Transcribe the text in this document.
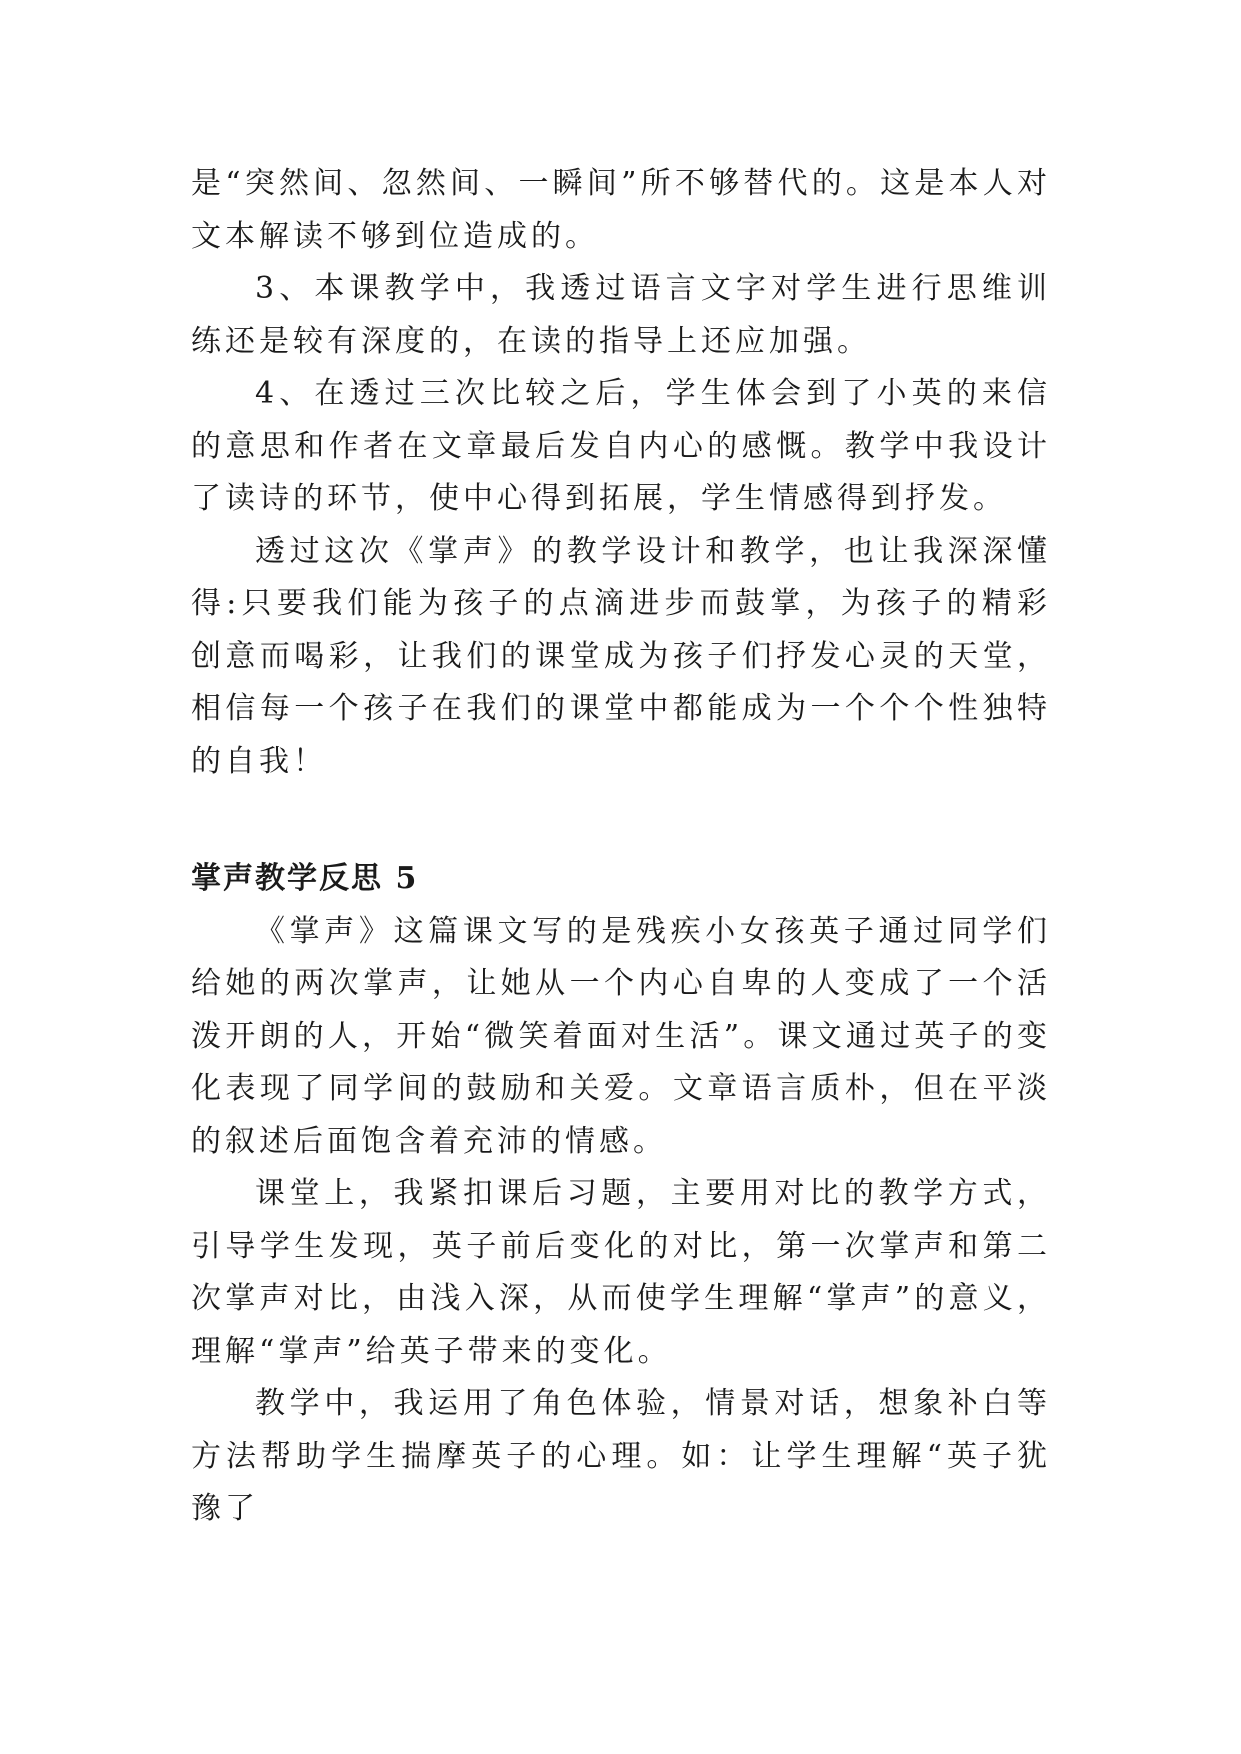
是“突然间、忽然间、一瞬间”所不够替代的。这是本人对文本解读不够到位造成的。

3、本课教学中，我透过语言文字对学生进行思维训练还是较有深度的，在读的指导上还应加强。

4、在透过三次比较之后，学生体会到了小英的来信的意思和作者在文章最后发自内心的感慨。教学中我设计了读诗的环节，使中心得到拓展，学生情感得到抒发。

透过这次《掌声》的教学设计和教学，也让我深深懂得:只要我们能为孩子的点滴进步而鼓掌，为孩子的精彩创意而喝彩，让我们的课堂成为孩子们抒发心灵的天堂，相信每一个孩子在我们的课堂中都能成为一个个个性独特的自我！

掌声教学反思 5

《掌声》这篇课文写的是残疾小女孩英子通过同学们给她的两次掌声，让她从一个内心自卑的人变成了一个活泼开朗的人，开始“微笑着面对生活”。课文通过英子的变化表现了同学间的鼓励和关爱。文章语言质朴，但在平淡的叙述后面饱含着充沛的情感。

课堂上，我紧扣课后习题，主要用对比的教学方式，引导学生发现，英子前后变化的对比，第一次掌声和第二次掌声对比，由浅入深，从而使学生理解“掌声”的意义，理解“掌声”给英子带来的变化。

教学中，我运用了角色体验，情景对话，想象补白等方法帮助学生揣摩英子的心理。如：让学生理解“英子犹豫了
